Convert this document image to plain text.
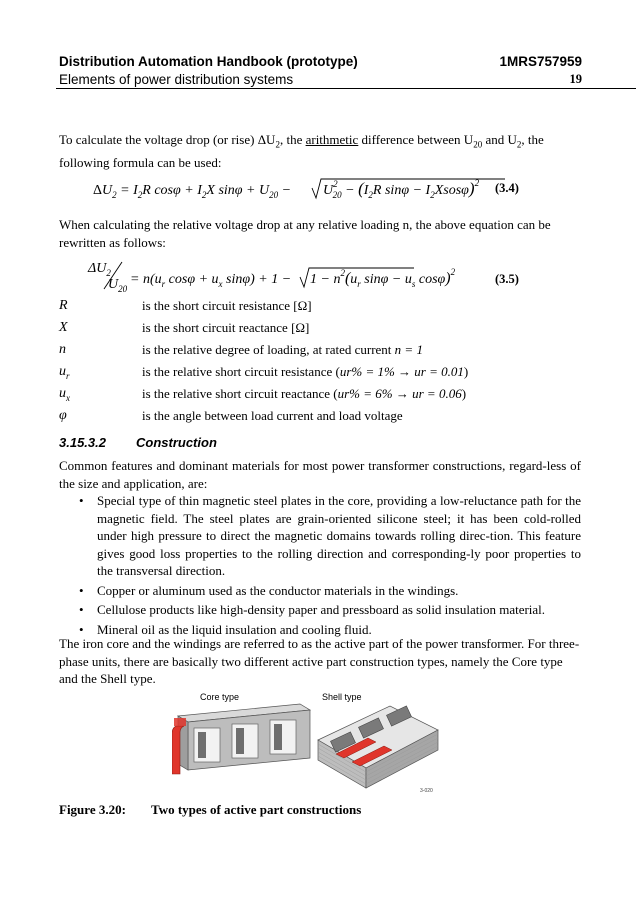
Distribution Automation Handbook (prototype)	1MRS757959
Elements of power distribution systems	19
To calculate the voltage drop (or rise) $\Delta U_2$, the arithmetic difference between $U_{20}$ and $U_2$, the following formula can be used:
$\Delta U_2 = I_2R$ $\cos\varphi + I_2X$ $\sin\varphi + U_{20} - U^2$ $20 - (I_2R$ $\sin\varphi - I_2Xsos\varphi)^2$ (3.4)
When calculating the relative voltage drop at any relative loading n, the above equation can be rewritten as follows:
$\Delta U_2$
$U_{20}$
= $n(u_r$ $\cos\varphi + u_x$ $\sin\varphi) + 1 - 1 - n^2(u_r$ $\sin\varphi - u_s$ cosφ)$^2$	(3.5)
R	is the short circuit resistance [Ω]
X	is the short circuit reactance [Ω]
n	is the relative degree of loading, at rated current n = 1
$u_r$	is the relative short circuit resistance (ur% = 1% → ur = 0.01)
$u_x$	is the relative short circuit reactance (ur% = 6% → ur = 0.06)
φ	is the angle between load current and load voltage
3.15.3.2 Construction
Common features and dominant materials for most power transformer constructions, regard-less of the size and application, are:
• Special type of thin magnetic steel plates in the core, providing a low-reluctance path for the magnetic field. The steel plates are grain-oriented silicone steel; it has been cold-rolled under high pressure to direct the magnetic domains towards rolling direc-tion. This feature gives good loss properties to the rolling direction and corresponding-ly poor properties to the transversal direction.
• Copper or aluminum used as the conductor materials in the windings.
• Cellulose products like high-density paper and pressboard as solid insulation material.
• Mineral oil as the liquid insulation and cooling fluid.
The iron core and the windings are referred to as the active part of the power transformer. For three-phase units, there are basically two different active part construction types, namely the Core type and the Shell type.
Core type	Shell type
3-020
Figure 3.20: Two types of active part constructions
